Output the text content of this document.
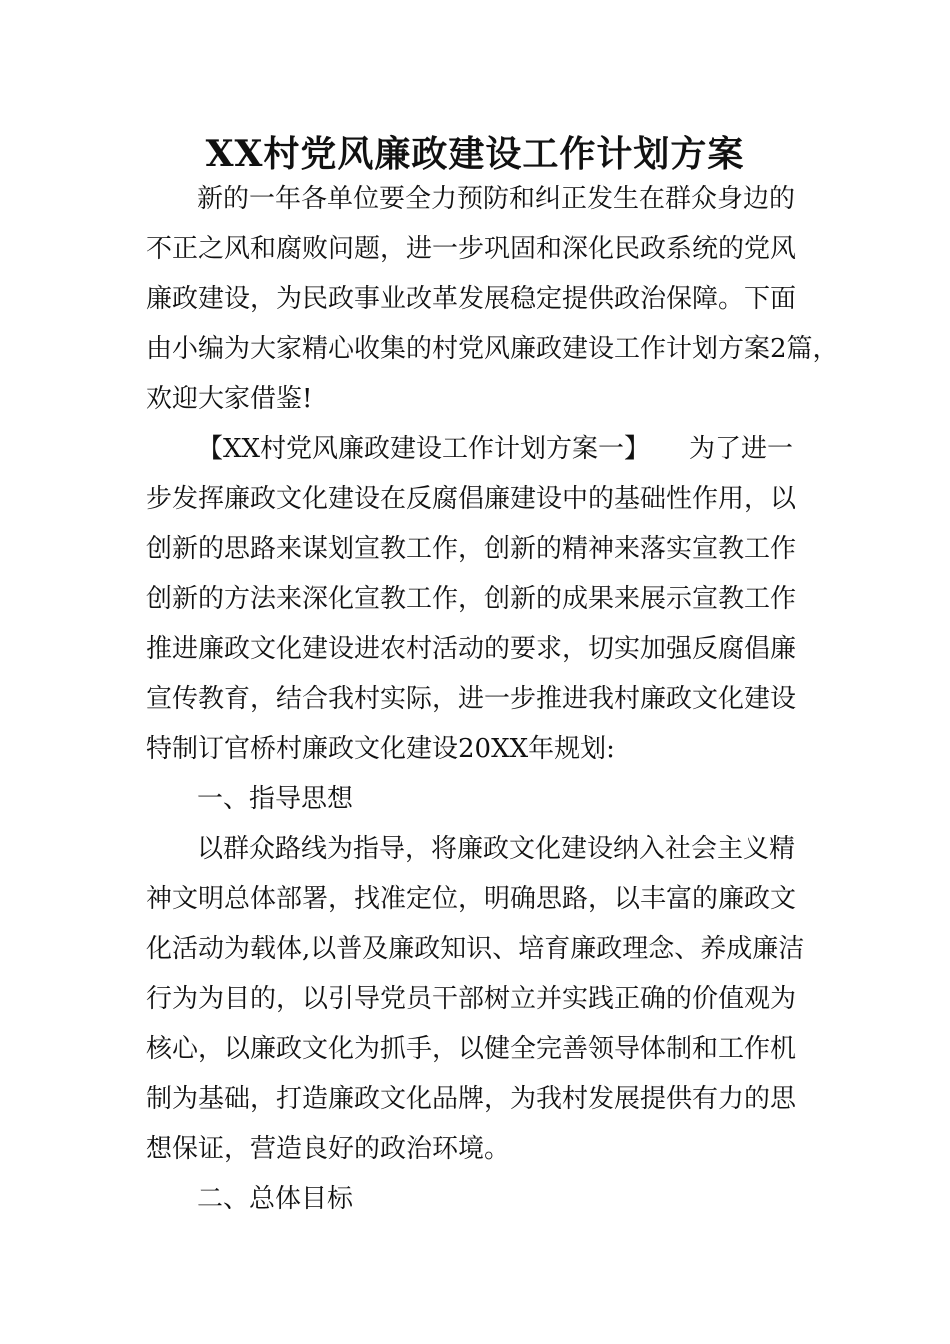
XX村党风廉政建设工作计划方案
新的一年各单位要全力预防和纠正发生在群众身边的
不正之风和腐败问题，进一步巩固和深化民政系统的党风
廉政建设，为民政事业改革发展稳定提供政治保障。下面
由小编为大家精心收集的村党风廉政建设工作计划方案2篇，
欢迎大家借鉴!
【XX村党风廉政建设工作计划方案一】　　为了进一
步发挥廉政文化建设在反腐倡廉建设中的基础性作用，以
创新的思路来谋划宣教工作，创新的精神来落实宣教工作
创新的方法来深化宣教工作，创新的成果来展示宣教工作
推进廉政文化建设进农村活动的要求，切实加强反腐倡廉
宣传教育，结合我村实际，进一步推进我村廉政文化建设
特制订官桥村廉政文化建设20XX年规划:
一、指导思想
以群众路线为指导，将廉政文化建设纳入社会主义精
神文明总体部署，找准定位，明确思路，以丰富的廉政文
化活动为载体,以普及廉政知识、培育廉政理念、养成廉洁
行为为目的，以引导党员干部树立并实践正确的价值观为
核心，以廉政文化为抓手，以健全完善领导体制和工作机
制为基础，打造廉政文化品牌，为我村发展提供有力的思
想保证，营造良好的政治环境。
二、总体目标
